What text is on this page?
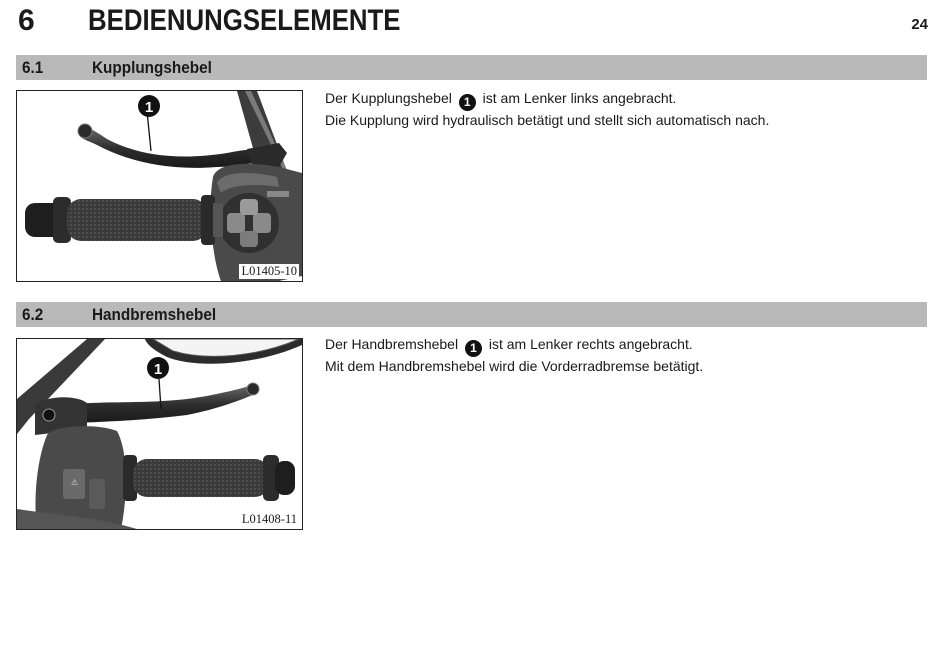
6 BEDIENUNGSELEMENTE	24
6.1	Kupplungshebel
1
L01405-10

Der Kupplungshebel 1 ist am Lenker links angebracht.

Die Kupplung wird hydraulisch betätigt und stellt sich automatisch nach.

6.2	Handbremshebel
⚠
1
L01408-11

Der Handbremshebel 1 ist am Lenker rechts angebracht.

Mit dem Handbremshebel wird die Vorderradbremse betätigt.
